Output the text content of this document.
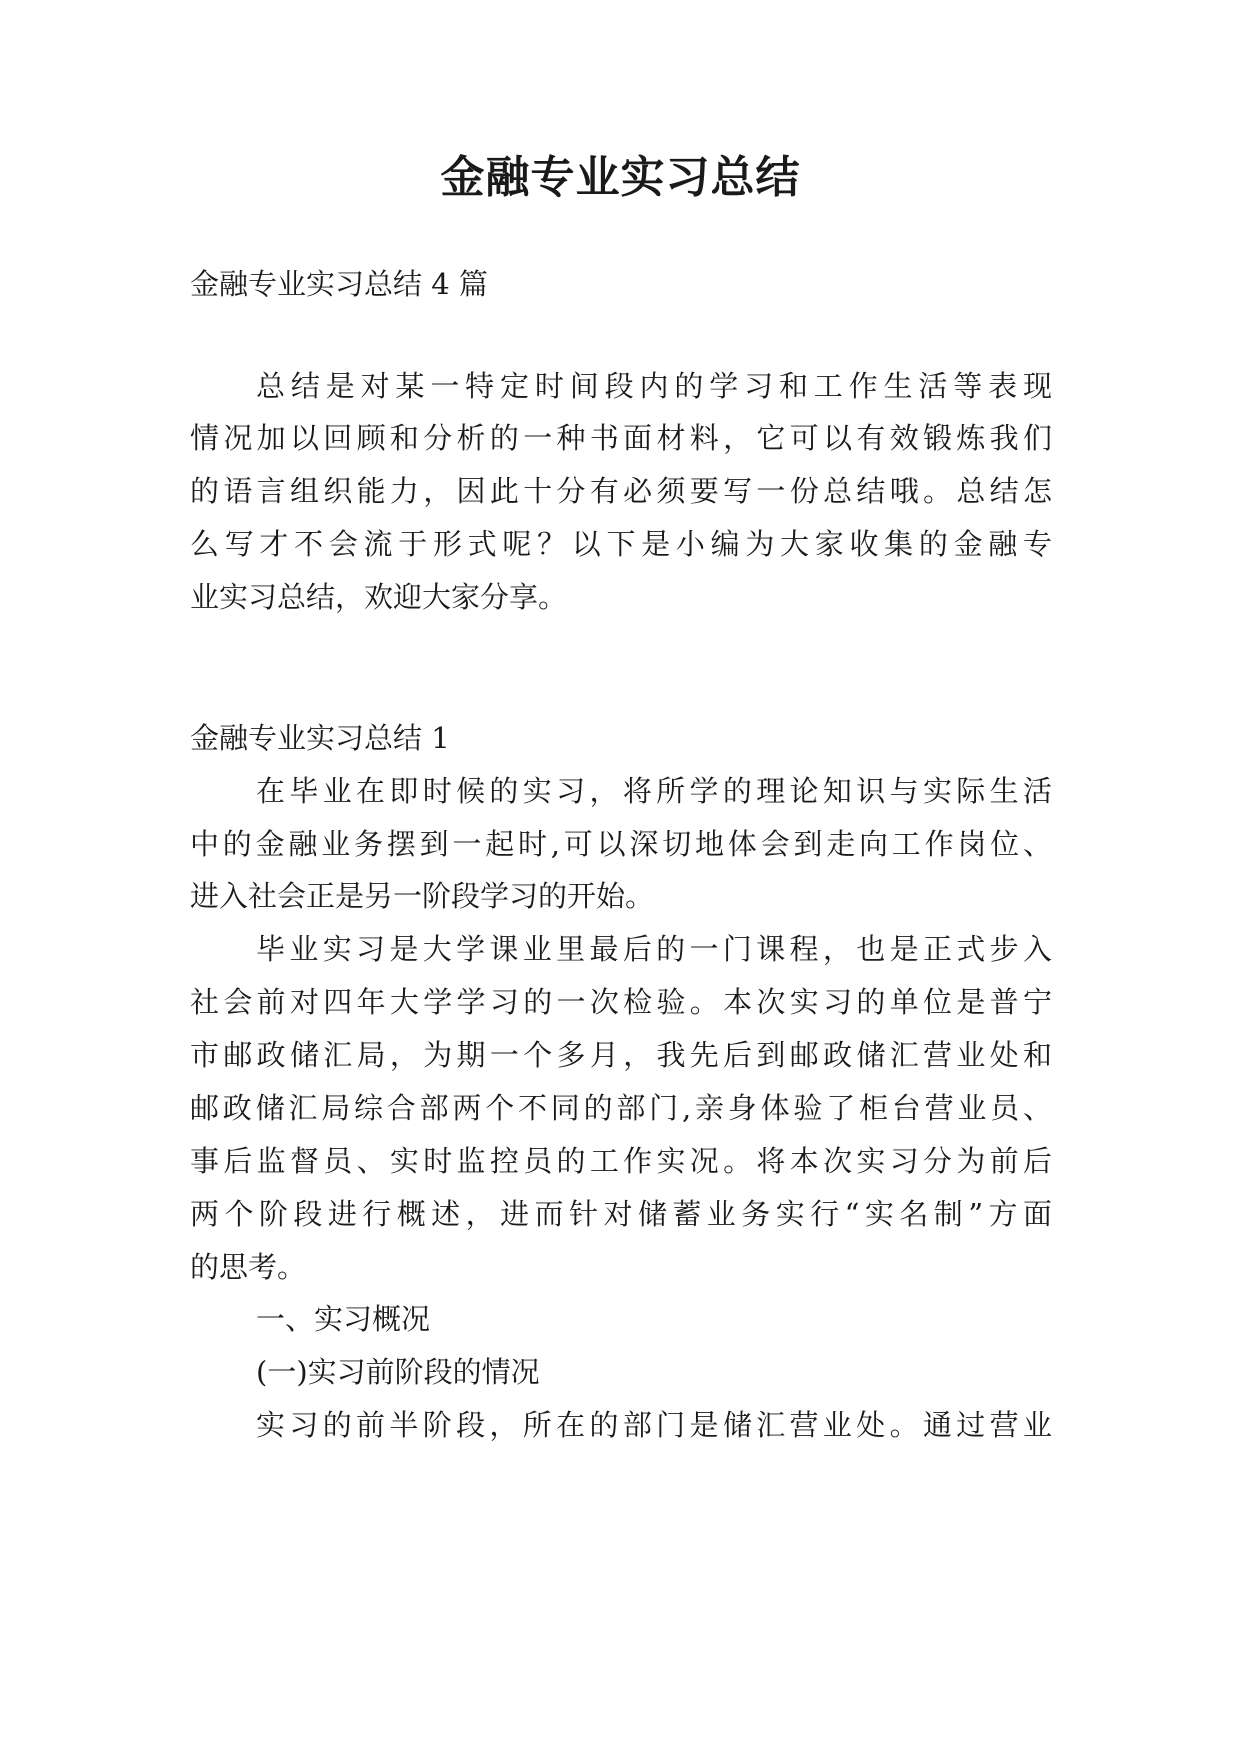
金融专业实习总结
金融专业实习总结 4 篇
总结是对某一特定时间段内的学习和工作生活等表现
情况加以回顾和分析的一种书面材料，它可以有效锻炼我们
的语言组织能力，因此十分有必须要写一份总结哦。总结怎
么写才不会流于形式呢？以下是小编为大家收集的金融专
业实习总结，欢迎大家分享。
金融专业实习总结 1
在毕业在即时候的实习，将所学的理论知识与实际生活
中的金融业务摆到一起时,可以深切地体会到走向工作岗位、
进入社会正是另一阶段学习的开始。
毕业实习是大学课业里最后的一门课程，也是正式步入
社会前对四年大学学习的一次检验。本次实习的单位是普宁
市邮政储汇局，为期一个多月，我先后到邮政储汇营业处和
邮政储汇局综合部两个不同的部门,亲身体验了柜台营业员、
事后监督员、实时监控员的工作实况。将本次实习分为前后
两个阶段进行概述，进而针对储蓄业务实行“实名制”方面
的思考。
一、实习概况
(一)实习前阶段的情况
实习的前半阶段，所在的部门是储汇营业处。通过营业
